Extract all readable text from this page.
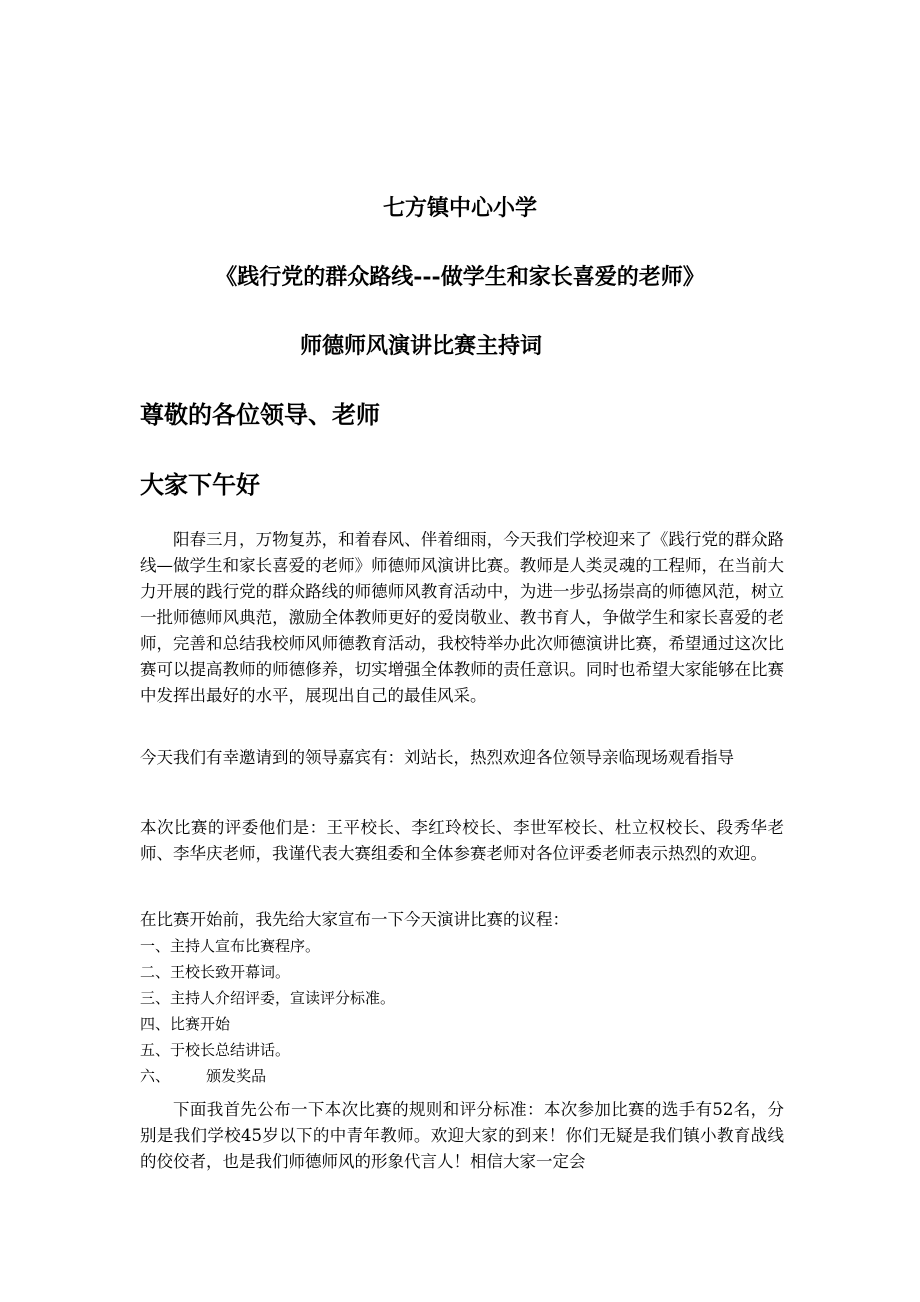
七方镇中心小学
《践行党的群众路线---做学生和家长喜爱的老师》
师德师风演讲比赛主持词
尊敬的各位领导、老师
大家下午好

阳春三月，万物复苏，和着春风、伴着细雨，今天我们学校迎来了《践行党的群众路线—做学生和家长喜爱的老师》师德师风演讲比赛。教师是人类灵魂的工程师，在当前大力开展的践行党的群众路线的师德师风教育活动中，为进一步弘扬崇高的师德风范，树立一批师德师风典范，激励全体教师更好的爱岗敬业、教书育人，争做学生和家长喜爱的老师，完善和总结我校师风师德教育活动，我校特举办此次师德演讲比赛，希望通过这次比赛可以提高教师的师德修养，切实增强全体教师的责任意识。同时也希望大家能够在比赛中发挥出最好的水平，展现出自己的最佳风采。

今天我们有幸邀请到的领导嘉宾有：刘站长，热烈欢迎各位领导亲临现场观看指导

本次比赛的评委他们是：王平校长、李红玲校长、李世军校长、杜立权校长、段秀华老师、李华庆老师，我谨代表大赛组委和全体参赛老师对各位评委老师表示热烈的欢迎。

在比赛开始前，我先给大家宣布一下今天演讲比赛的议程：

一、主持人宣布比赛程序。
二、王校长致开幕词。
三、主持人介绍评委，宣读评分标准。
四、比赛开始
五、于校长总结讲话。
六、    颁发奖品

下面我首先公布一下本次比赛的规则和评分标准：本次参加比赛的选手有52名，分别是我们学校45岁以下的中青年教师。欢迎大家的到来！你们无疑是我们镇小教育战线的佼佼者，也是我们师德师风的形象代言人！相信大家一定会
